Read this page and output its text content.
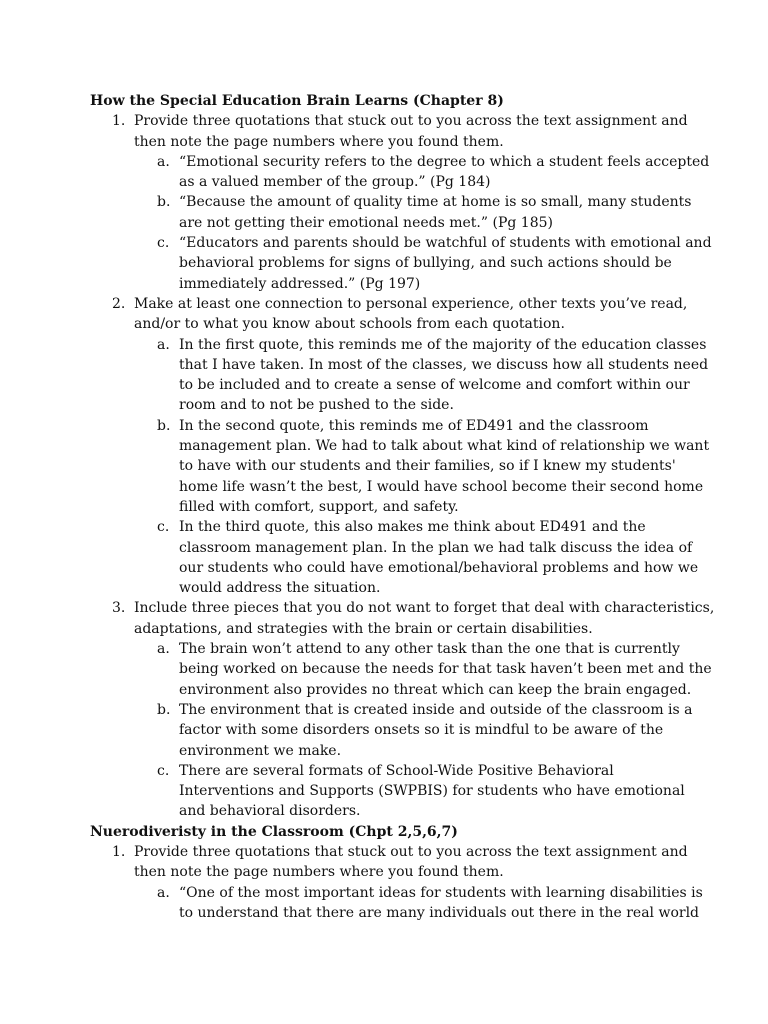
How the Special Education Brain Learns (Chapter 8)
1. Provide three quotations that stuck out to you across the text assignment and
then note the page numbers where you found them.
a. “Emotional security refers to the degree to which a student feels accepted
as a valued member of the group.” (Pg 184)
b. “Because the amount of quality time at home is so small, many students
are not getting their emotional needs met.” (Pg 185)
c. “Educators and parents should be watchful of students with emotional and
behavioral problems for signs of bullying, and such actions should be
immediately addressed.” (Pg 197)
2. Make at least one connection to personal experience, other texts you’ve read,
and/or to what you know about schools from each quotation.
a. In the first quote, this reminds me of the majority of the education classes
that I have taken. In most of the classes, we discuss how all students need
to be included and to create a sense of welcome and comfort within our
room and to not be pushed to the side.
b. In the second quote, this reminds me of ED491 and the classroom
management plan. We had to talk about what kind of relationship we want
to have with our students and their families, so if I knew my students'
home life wasn’t the best, I would have school become their second home
filled with comfort, support, and safety.
c. In the third quote, this also makes me think about ED491 and the
classroom management plan. In the plan we had talk discuss the idea of
our students who could have emotional/behavioral problems and how we
would address the situation.
3. Include three pieces that you do not want to forget that deal with characteristics,
adaptations, and strategies with the brain or certain disabilities.
a. The brain won’t attend to any other task than the one that is currently
being worked on because the needs for that task haven’t been met and the
environment also provides no threat which can keep the brain engaged.
b. The environment that is created inside and outside of the classroom is a
factor with some disorders onsets so it is mindful to be aware of the
environment we make.
c. There are several formats of School-Wide Positive Behavioral
Interventions and Supports (SWPBIS) for students who have emotional
and behavioral disorders.
Nuerodiveristy in the Classroom (Chpt 2,5,6,7)
1. Provide three quotations that stuck out to you across the text assignment and
then note the page numbers where you found them.
a. “One of the most important ideas for students with learning disabilities is
to understand that there are many individuals out there in the real world
